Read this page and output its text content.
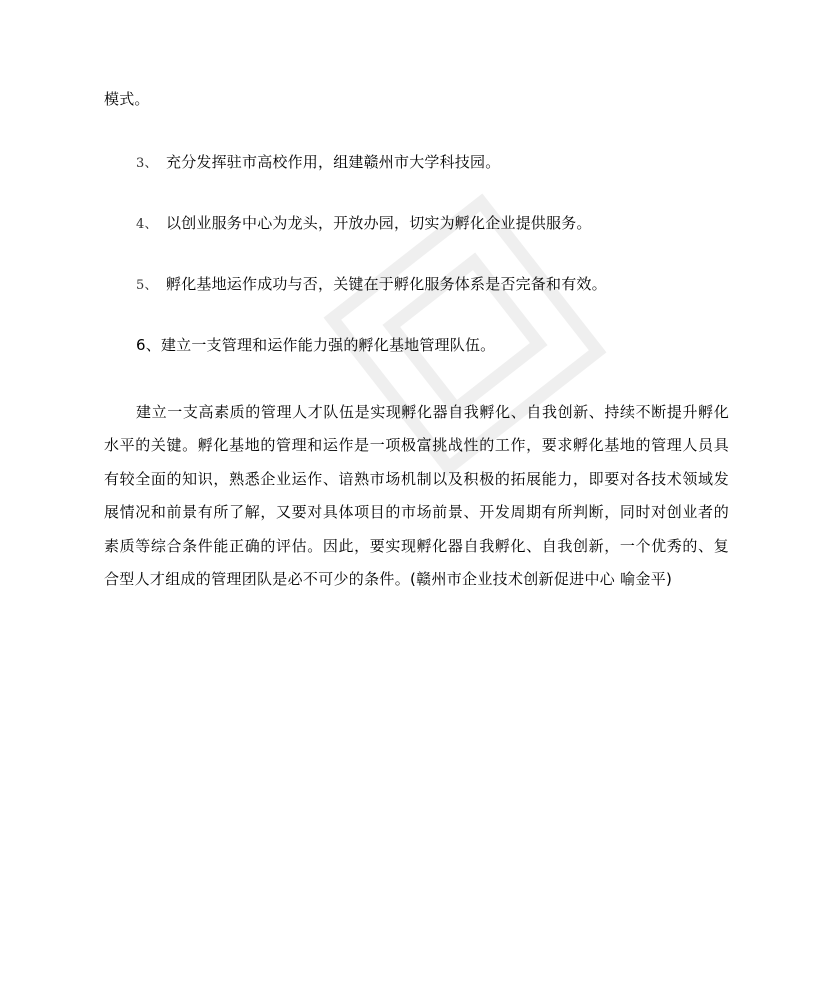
模式。
3、 充分发挥驻市高校作用，组建赣州市大学科技园。
4、 以创业服务中心为龙头，开放办园，切实为孵化企业提供服务。
5、 孵化基地运作成功与否，关键在于孵化服务体系是否完备和有效。
6、建立一支管理和运作能力强的孵化基地管理队伍。

建立一支高素质的管理人才队伍是实现孵化器自我孵化、自我创新、持续不断提升孵化水平的关键。孵化基地的管理和运作是一项极富挑战性的工作，要求孵化基地的管理人员具有较全面的知识，熟悉企业运作、谙熟市场机制以及积极的拓展能力，即要对各技术领域发展情况和前景有所了解，又要对具体项目的市场前景、开发周期有所判断，同时对创业者的素质等综合条件能正确的评估。因此，要实现孵化器自我孵化、自我创新，一个优秀的、复合型人才组成的管理团队是必不可少的条件。(赣州市企业技术创新促进中心 喻金平)
